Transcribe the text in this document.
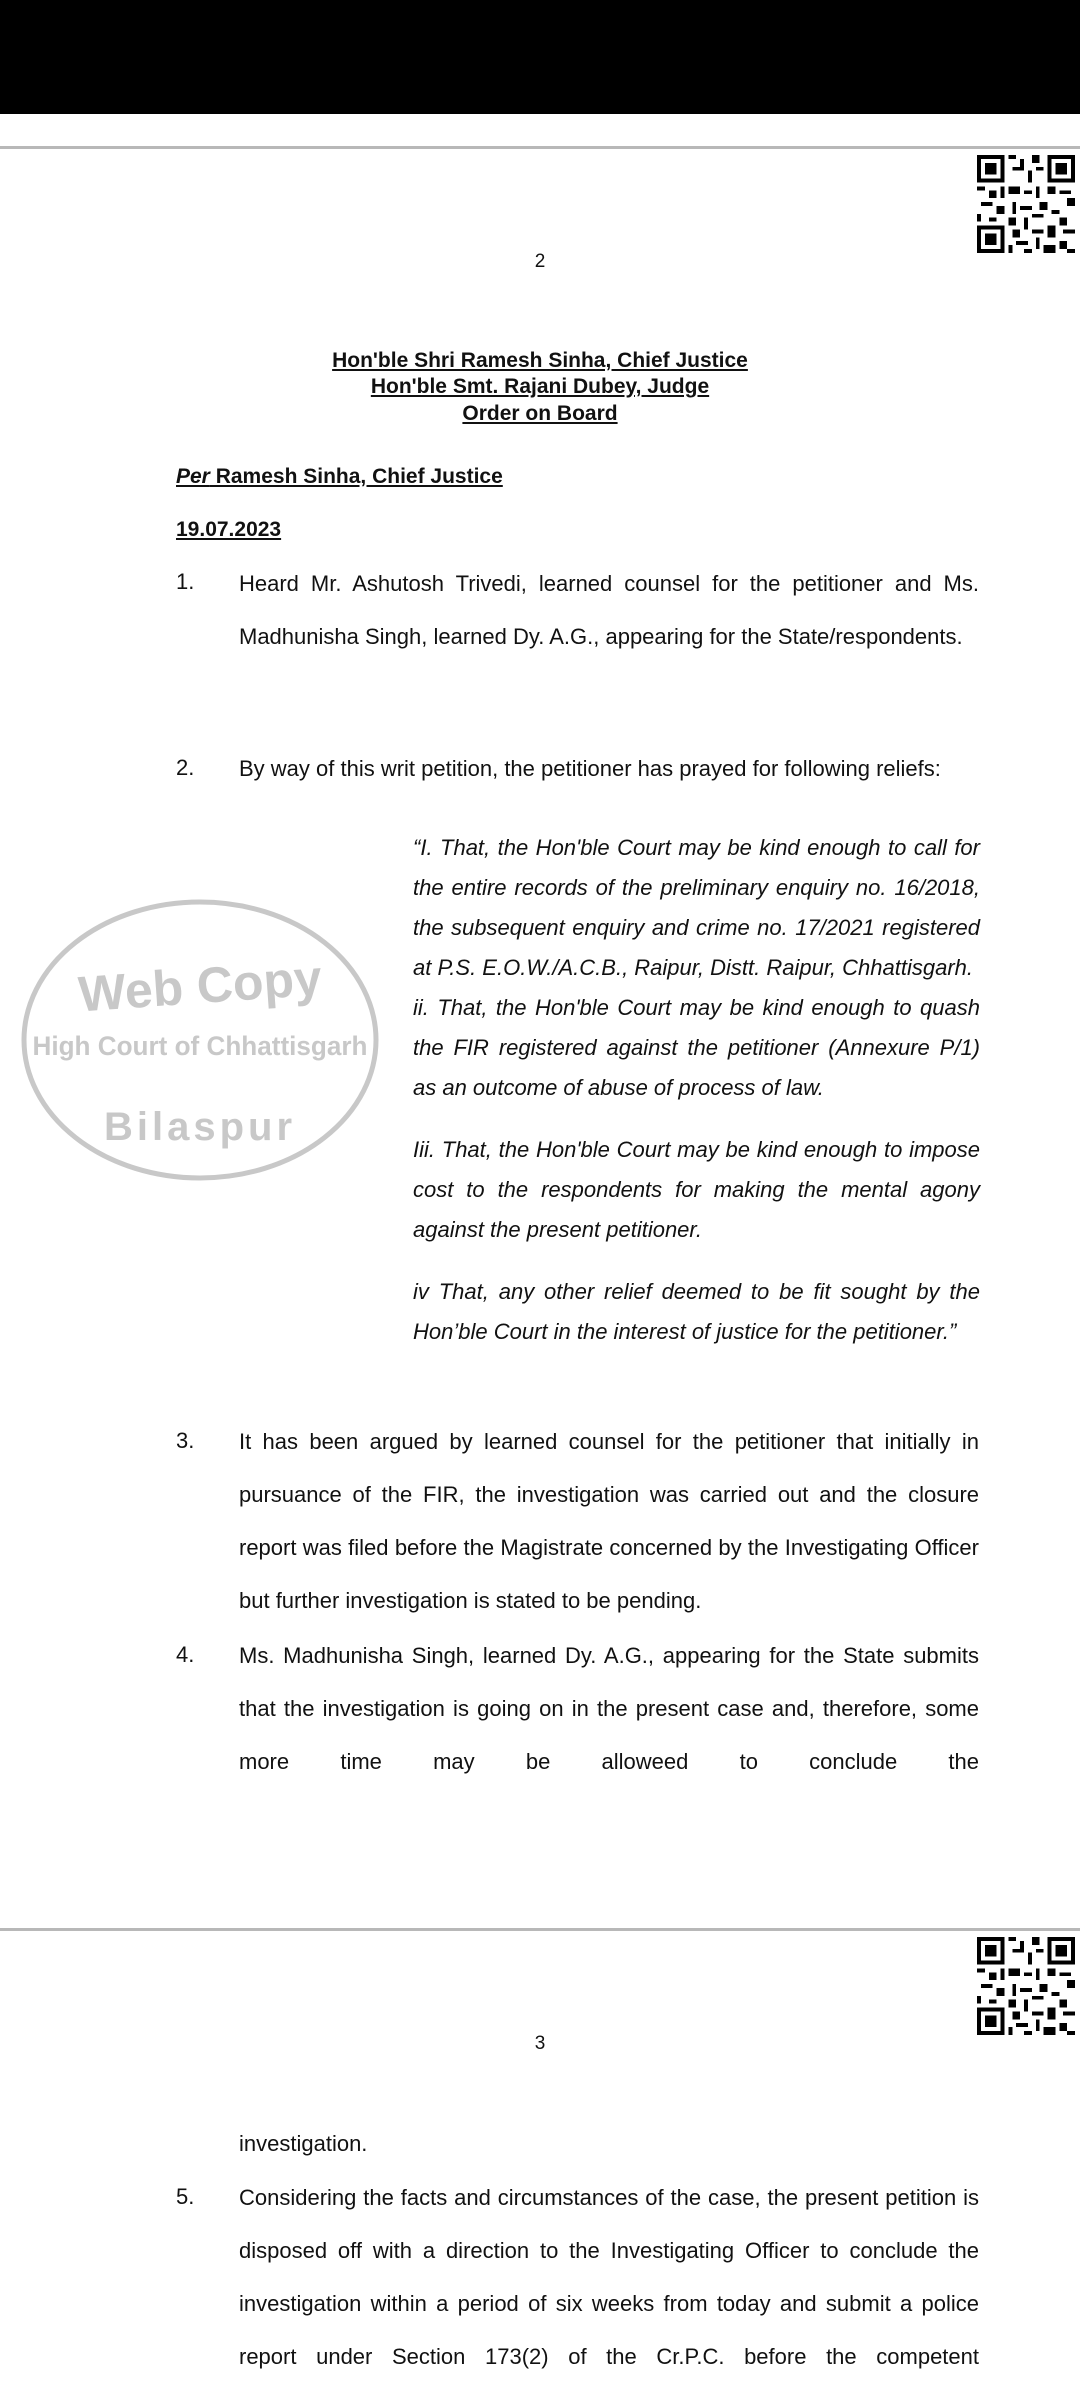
2
Hon'ble Shri Ramesh Sinha, Chief Justice
Hon'ble Smt. Rajani Dubey, Judge
Order on Board
Per Ramesh Sinha, Chief Justice
19.07.2023
1. Heard Mr. Ashutosh Trivedi, learned counsel for the petitioner and Ms. Madhunisha Singh, learned Dy. A.G., appearing for the State/respondents.
2. By way of this writ petition, the petitioner has prayed for following reliefs:
Web Copy
High Court of Chhattisgarh
Bilaspur

“I. That, the Hon'ble Court may be kind enough to call for the entire records of the preliminary enquiry no. 16/2018, the subsequent enquiry and crime no. 17/2021 registered at P.S. E.O.W./A.C.B., Raipur, Distt. Raipur, Chhattisgarh.

ii. That, the Hon'ble Court may be kind enough to quash the FIR registered against the petitioner (Annexure P/1) as an outcome of abuse of process of law.

Iii. That, the Hon'ble Court may be kind enough to impose cost to the respondents for making the mental agony against the present petitioner.

iv That, any other relief deemed to be fit sought by the Hon’ble Court in the interest of justice for the petitioner.”

3. It has been argued by learned counsel for the petitioner that initially in pursuance of the FIR, the investigation was carried out and the closure report was filed before the Magistrate concerned by the Investigating Officer but further investigation is stated to be pending.
4. Ms. Madhunisha Singh, learned Dy. A.G., appearing for the State submits that the investigation is going on in the present case and, therefore, some more time may be alloweed to conclude the
3
investigation.
5. Considering the facts and circumstances of the case, the present petition is disposed off with a direction to the Investigating Officer to conclude the investigation within a period of six weeks from today and submit a police report under Section 173(2) of the Cr.P.C. before the competent
